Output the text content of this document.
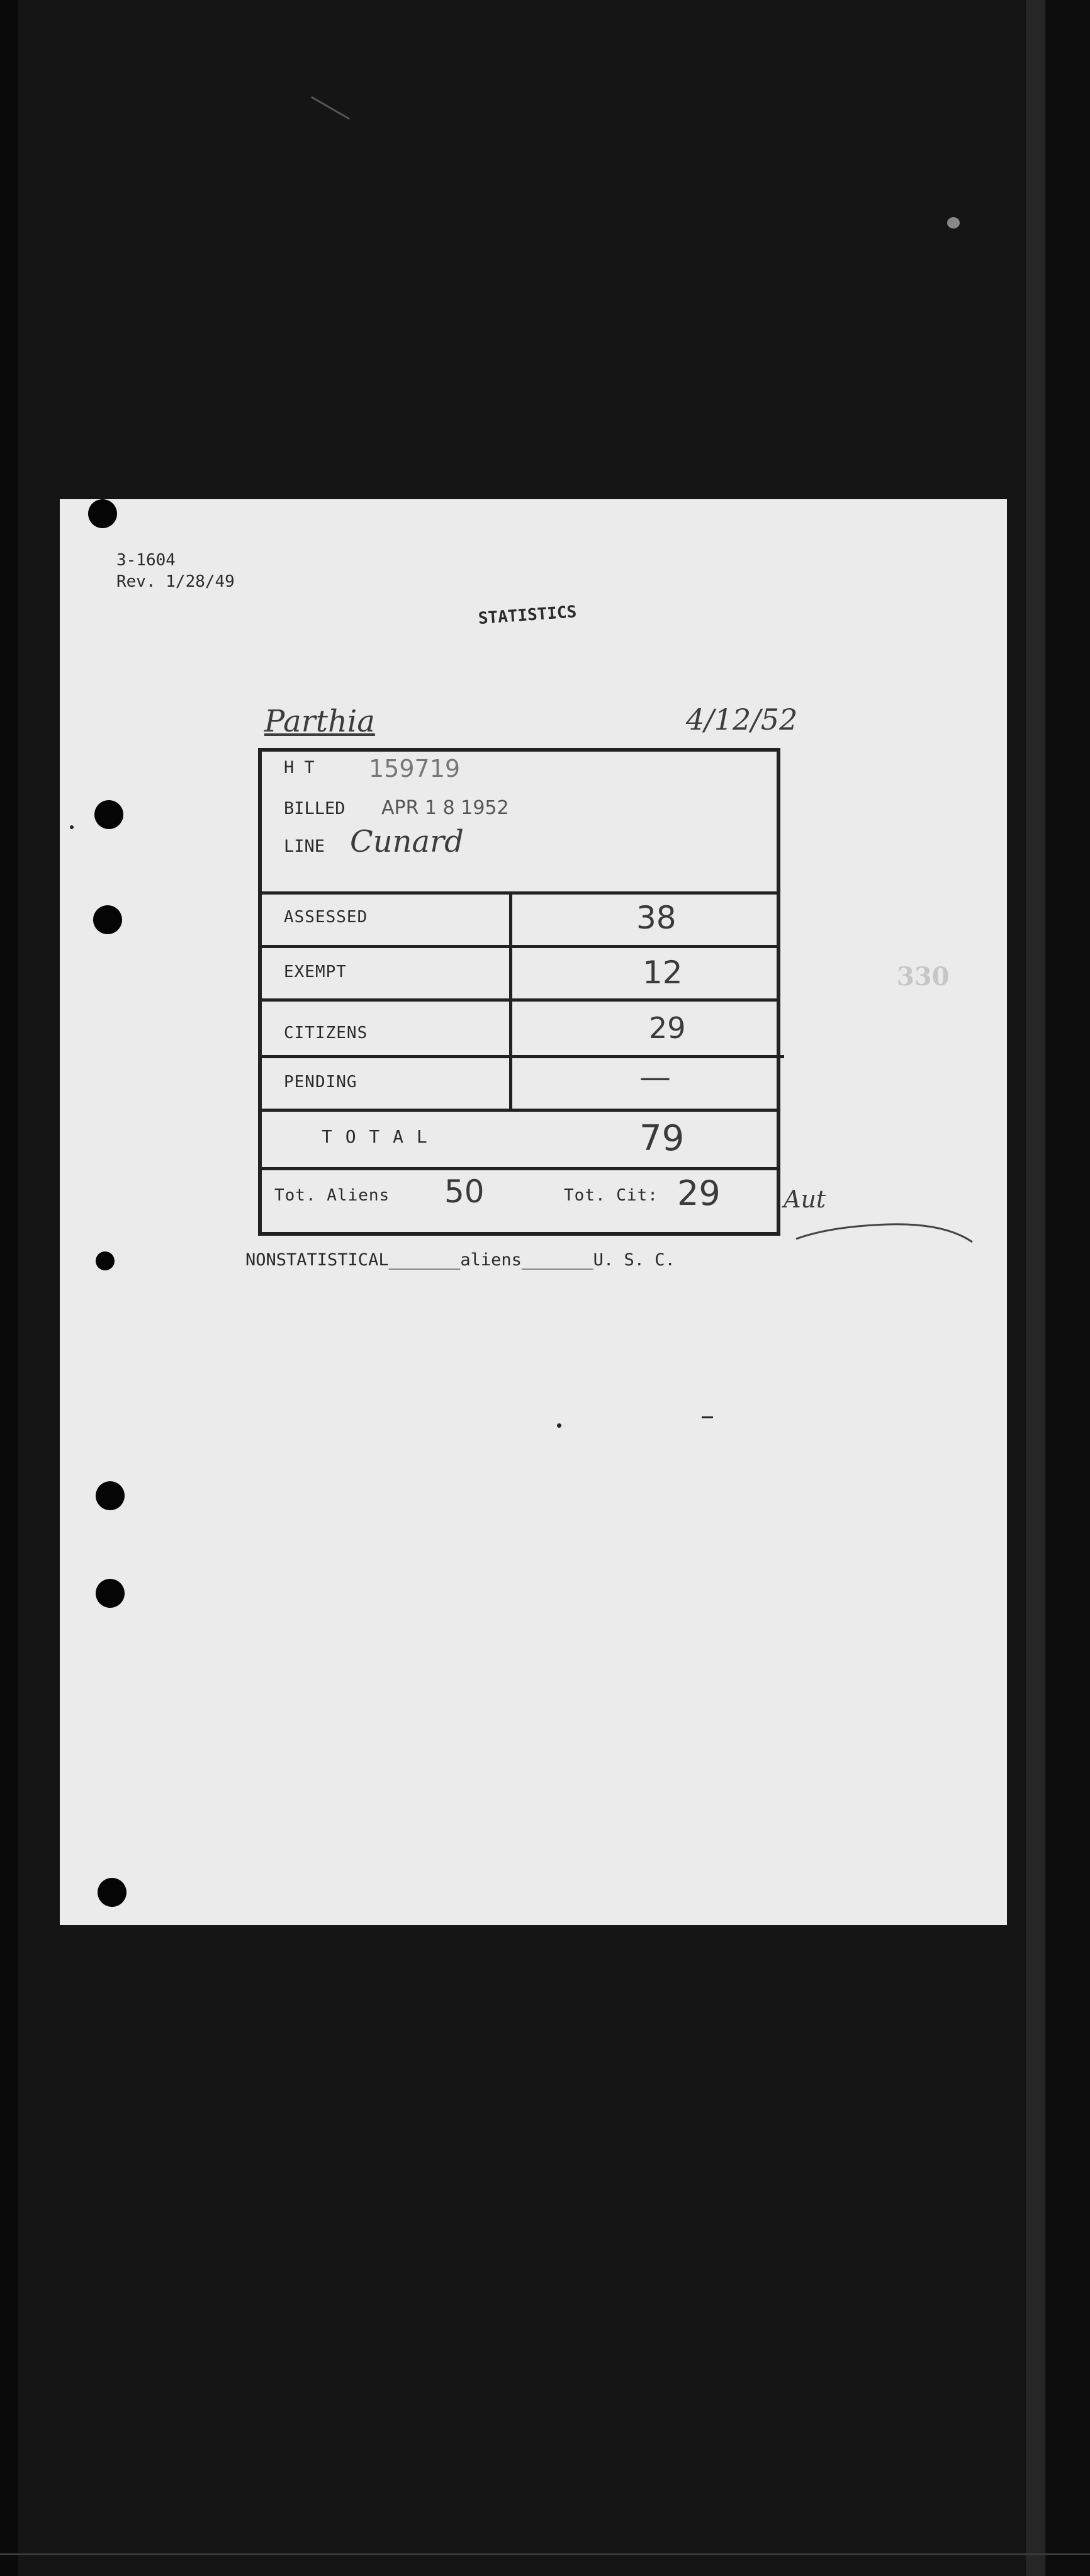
3-1604
Rev. 1/28/49
STATISTICS
Parthia	4/12/52
330
H T 159719
BILLED APR 1 8 1952
LINE Cunard
ASSESSED	38
EXEMPT	12
CITIZENS	29
PENDING	—
T O T A L	79
Tot. Aliens 50	Tot. Cit: 29	Aut
NONSTATISTICAL_______aliens_______U. S. C.
